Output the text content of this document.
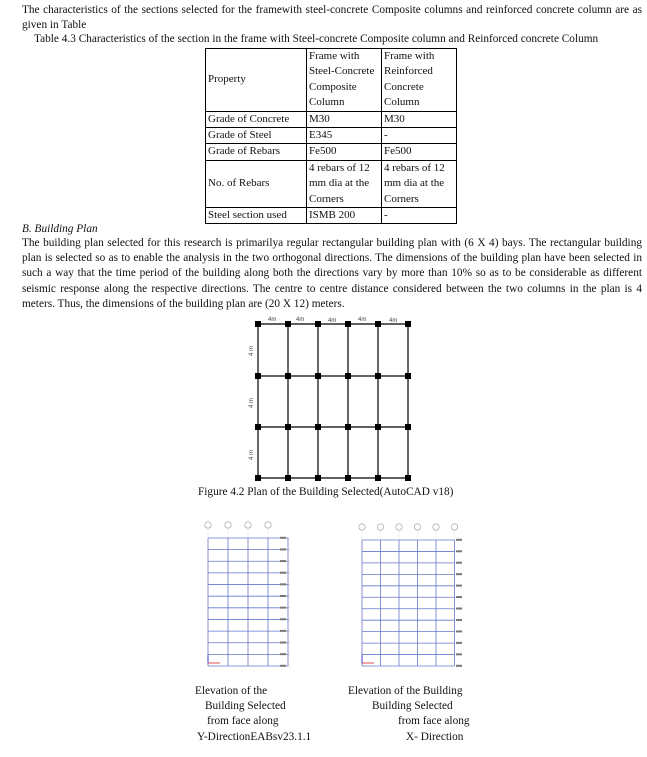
The characteristics of the sections selected for the framewith steel-concrete Composite columns and reinforced concrete column are as given in Table
Table 4.3 Characteristics of the section in the frame with Steel-concrete Composite column and Reinforced concrete Column
Property	Frame with Steel-Concrete Composite Column	Frame with Reinforced Concrete Column
Grade of Concrete	M30	M30
Grade of Steel	E345	-
Grade of Rebars	Fe500	Fe500
No. of Rebars	4 rebars of 12 mm dia at the Corners	4 rebars of 12 mm dia at the Corners
Steel section used	ISMB 200	-
B. Building Plan
The building plan selected for this research is primarilya regular rectangular building plan with (6 X 4) bays. The rectangular building plan is selected so as to enable the analysis in the two orthogonal directions. The dimensions of the building plan have been selected in such a way that the time period of the building along both the directions vary by more than 10% so as to be considerable as different seismic response along the respective directions. The centre to centre distance considered between the two columns in the plan is 4 meters. Thus, the dimensions of the building plan are (20 X 12) meters.
4m	4m	4m	4m	4m
4 m
4 m
4 m
Figure 4.2 Plan of the Building Selected(AutoCAD v18)
Elevation of the
Building Selected
from face along
Y-DirectionEABsv23.1.1
Elevation of the Building
Building Selected
from face along
X- Direction
